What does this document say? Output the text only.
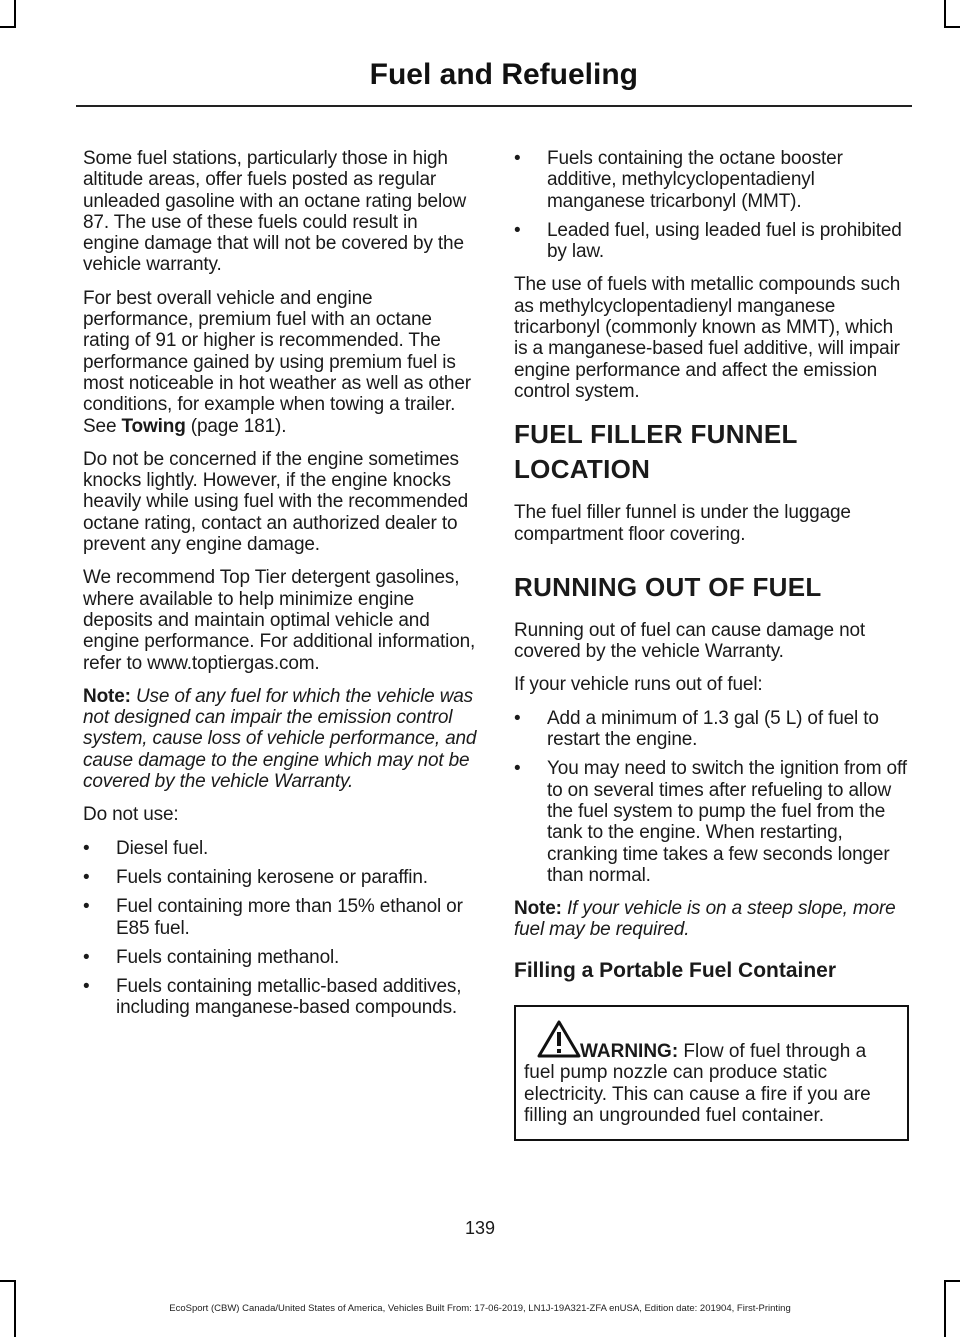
Fuel and Refueling

Some fuel stations, particularly those in high altitude areas, offer fuels posted as regular unleaded gasoline with an octane rating below 87. The use of these fuels could result in engine damage that will not be covered by the vehicle warranty.

For best overall vehicle and engine performance, premium fuel with an octane rating of 91 or higher is recommended. The performance gained by using premium fuel is most noticeable in hot weather as well as other conditions, for example when towing a trailer. See Towing (page 181).

Do not be concerned if the engine sometimes knocks lightly. However, if the engine knocks heavily while using fuel with the recommended octane rating, contact an authorized dealer to prevent any engine damage.

We recommend Top Tier detergent gasolines, where available to help minimize engine deposits and maintain optimal vehicle and engine performance. For additional information, refer to www.toptiergas.com.

Note: Use of any fuel for which the vehicle was not designed can impair the emission control system, cause loss of vehicle performance, and cause damage to the engine which may not be covered by the vehicle Warranty.

Do not use:

• Diesel fuel.
• Fuels containing kerosene or paraffin.
• Fuel containing more than 15% ethanol or E85 fuel.
• Fuels containing methanol.
• Fuels containing metallic-based additives, including manganese-based compounds.
• Fuels containing the octane booster additive, methylcyclopentadienyl manganese tricarbonyl (MMT).
• Leaded fuel, using leaded fuel is prohibited by law.

The use of fuels with metallic compounds such as methylcyclopentadienyl manganese tricarbonyl (commonly known as MMT), which is a manganese-based fuel additive, will impair engine performance and affect the emission control system.

FUEL FILLER FUNNEL
LOCATION

The fuel filler funnel is under the luggage compartment floor covering.

RUNNING OUT OF FUEL

Running out of fuel can cause damage not covered by the vehicle Warranty.

If your vehicle runs out of fuel:

• Add a minimum of 1.3 gal (5 L) of fuel to restart the engine.
• You may need to switch the ignition from off to on several times after refueling to allow the fuel system to pump the fuel from the tank to the engine. When restarting, cranking time takes a few seconds longer than normal.

Note: If your vehicle is on a steep slope, more fuel may be required.

Filling a Portable Fuel Container
WARNING: Flow of fuel through a fuel pump nozzle can produce static electricity. This can cause a fire if you are filling an ungrounded fuel container.
139
EcoSport (CBW) Canada/United States of America, Vehicles Built From: 17-06-2019, LN1J-19A321-ZFA enUSA, Edition date: 201904, First-Printing
